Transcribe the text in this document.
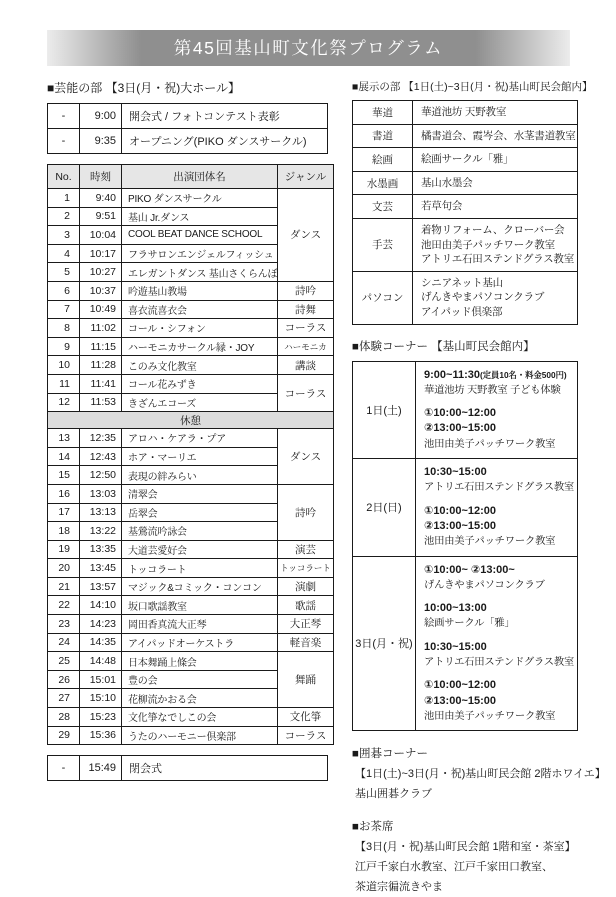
第45回基山町文化祭プログラム
■芸能の部 【3日(月・祝)大ホール】
-	9:00	開会式 / フォトコンテスト表彰
-	9:35	オープニング(PIKO ダンスサークル)
No.	時刻	出演団体名	ジャンル
1	9:40	PIKO ダンスサークル	ダンス
2	9:51	基山 Jr.ダンス	
3	10:04	COOL BEAT DANCE SCHOOL	
4	10:17	フラサロンエンジェルフィッシュ	
5	10:27	エレガントダンス 基山さくらんぼ	
6	10:37	吟遊基山教場	詩吟
7	10:49	喜衣流喜衣会	詩舞
8	11:02	コール・シフォン	コーラス
9	11:15	ハーモニカサークル縁・JOY	ハーモニカ
10	11:28	このみ文化教室	講談
11	11:41	コール花みずき	コーラス
12	11:53	きざんエコーズ	
休憩			
13	12:35	アロハ・ケアラ・プア	ダンス
14	12:43	ホア・マーリエ	
15	12:50	表現の絆みらい	
16	13:03	清翠会	詩吟
17	13:13	岳翠会	
18	13:22	基鶯流吟詠会	
19	13:35	大道芸愛好会	演芸
20	13:45	トッコラート	トッコラート
21	13:57	マジック&コミック・コンコン	演劇
22	14:10	坂口歌謡教室	歌謡
23	14:23	岡田香真流大正琴	大正琴
24	14:35	アイパッドオーケストラ	軽音楽
25	14:48	日本舞踊上條会	舞踊
26	15:01	豊の会	
27	15:10	花柳流かおる会	
28	15:23	文化箏なでしこの会	文化箏
29	15:36	うたのハーモニー倶楽部	コーラス
-	15:49	閉会式
■展示の部 【1日(土)~3日(月・祝)基山町民会館内】
華道	華道池坊 天野教室

書道	橘書道会、霞岑会、水茎書道教室

絵画	絵画サークル「雅」

水墨画	基山水墨会

文芸	若草句会

手芸	着物リフォーム、クローバー会
池田由美子パッチワーク教室
アトリエ石田ステンドグラス教室

パソコン	シニアネット基山
げんきやまパソコンクラブ
アイパッド倶楽部
■体験コーナー 【基山町民会館内】
1日(土)	9:00~11:30(定員10名・料金500円)
華道池坊 天野教室 子ども体験
①10:00~12:00
②13:00~15:00
池田由美子パッチワーク教室

2日(日)	10:30~15:00
アトリエ石田ステンドグラス教室
①10:00~12:00
②13:00~15:00
池田由美子パッチワーク教室

3日(月・祝)	
①10:00~ ②13:00~
げんきやまパソコンクラブ
10:00~13:00
絵画サークル「雅」
10:30~15:00
アトリエ石田ステンドグラス教室
①10:00~12:00
②13:00~15:00
池田由美子パッチワーク教室
■囲碁コーナー
【1日(土)~3日(月・祝)基山町民会館 2階ホワイエ】
基山囲碁クラブ
■お茶席
【3日(月・祝)基山町民会館 1階和室・茶室】
江戸千家白水教室、江戸千家田口教室、
茶道宗徧流きやま
